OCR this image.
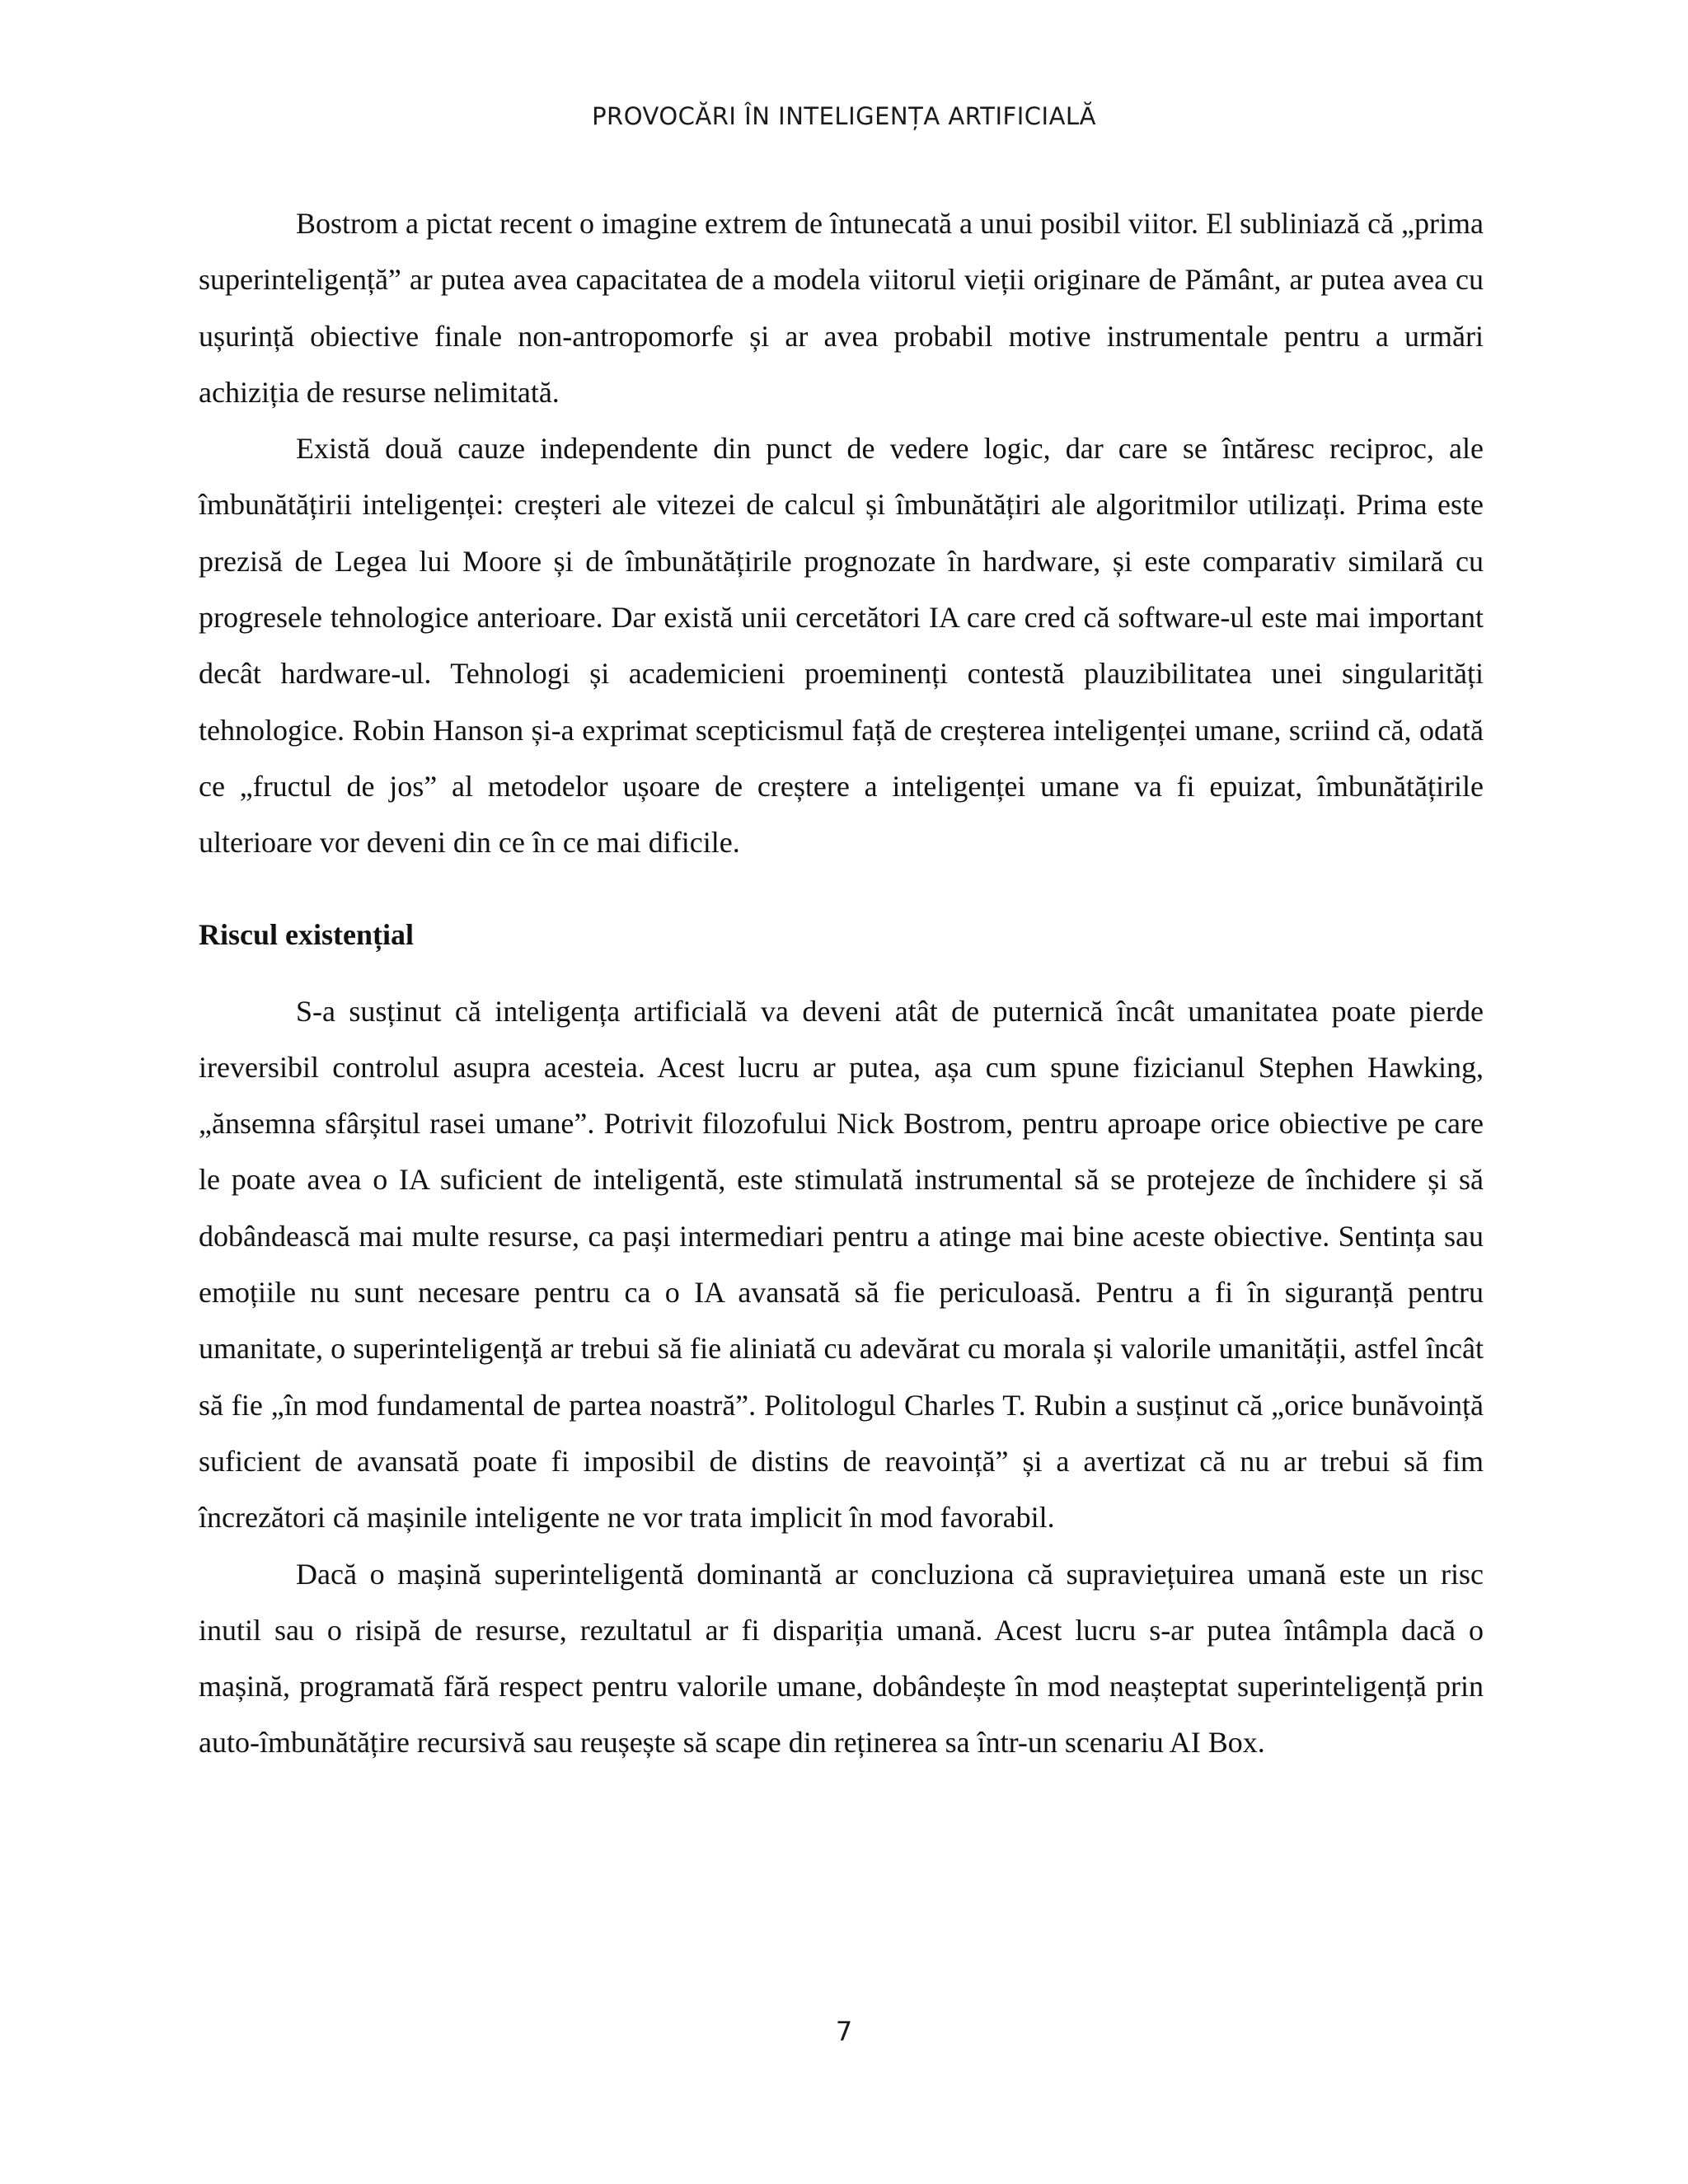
PROVOCĂRI ÎN INTELIGENȚA ARTIFICIALĂ

Bostrom a pictat recent o imagine extrem de întunecată a unui posibil viitor. El subliniază că „prima superinteligență” ar putea avea capacitatea de a modela viitorul vieții originare de Pământ, ar putea avea cu ușurință obiective finale non-antropomorfe și ar avea probabil motive instrumentale pentru a urmări achiziția de resurse nelimitată.

Există două cauze independente din punct de vedere logic, dar care se întăresc reciproc, ale îmbunătățirii inteligenței: creșteri ale vitezei de calcul și îmbunătățiri ale algoritmilor utilizați. Prima este prezisă de Legea lui Moore și de îmbunătățirile prognozate în hardware, și este comparativ similară cu progresele tehnologice anterioare. Dar există unii cercetători IA care cred că software-ul este mai important decât hardware-ul. Tehnologi și academicieni proeminenți contestă plauzibilitatea unei singularități tehnologice. Robin Hanson și-a exprimat scepticismul față de creșterea inteligenței umane, scriind că, odată ce „fructul de jos” al metodelor ușoare de creștere a inteligenței umane va fi epuizat, îmbunătățirile ulterioare vor deveni din ce în ce mai dificile.

Riscul existențial

S-a susținut că inteligența artificială va deveni atât de puternică încât umanitatea poate pierde ireversibil controlul asupra acesteia. Acest lucru ar putea, așa cum spune fizicianul Stephen Hawking, „ănsemna sfârșitul rasei umane”. Potrivit filozofului Nick Bostrom, pentru aproape orice obiective pe care le poate avea o IA suficient de inteligentă, este stimulată instrumental să se protejeze de închidere și să dobândească mai multe resurse, ca pași intermediari pentru a atinge mai bine aceste obiective. Sentința sau emoțiile nu sunt necesare pentru ca o IA avansată să fie periculoasă. Pentru a fi în siguranță pentru umanitate, o superinteligență ar trebui să fie aliniată cu adevărat cu morala și valorile umanității, astfel încât să fie „în mod fundamental de partea noastră”. Politologul Charles T. Rubin a susținut că „orice bunăvoință suficient de avansată poate fi imposibil de distins de reavoință” și a avertizat că nu ar trebui să fim încrezători că mașinile inteligente ne vor trata implicit în mod favorabil.

Dacă o mașină superinteligentă dominantă ar concluziona că supraviețuirea umană este un risc inutil sau o risipă de resurse, rezultatul ar fi dispariția umană. Acest lucru s-ar putea întâmpla dacă o mașină, programată fără respect pentru valorile umane, dobândește în mod neașteptat superinteligență prin auto-îmbunătățire recursivă sau reușește să scape din reținerea sa într-un scenariu AI Box.

7
